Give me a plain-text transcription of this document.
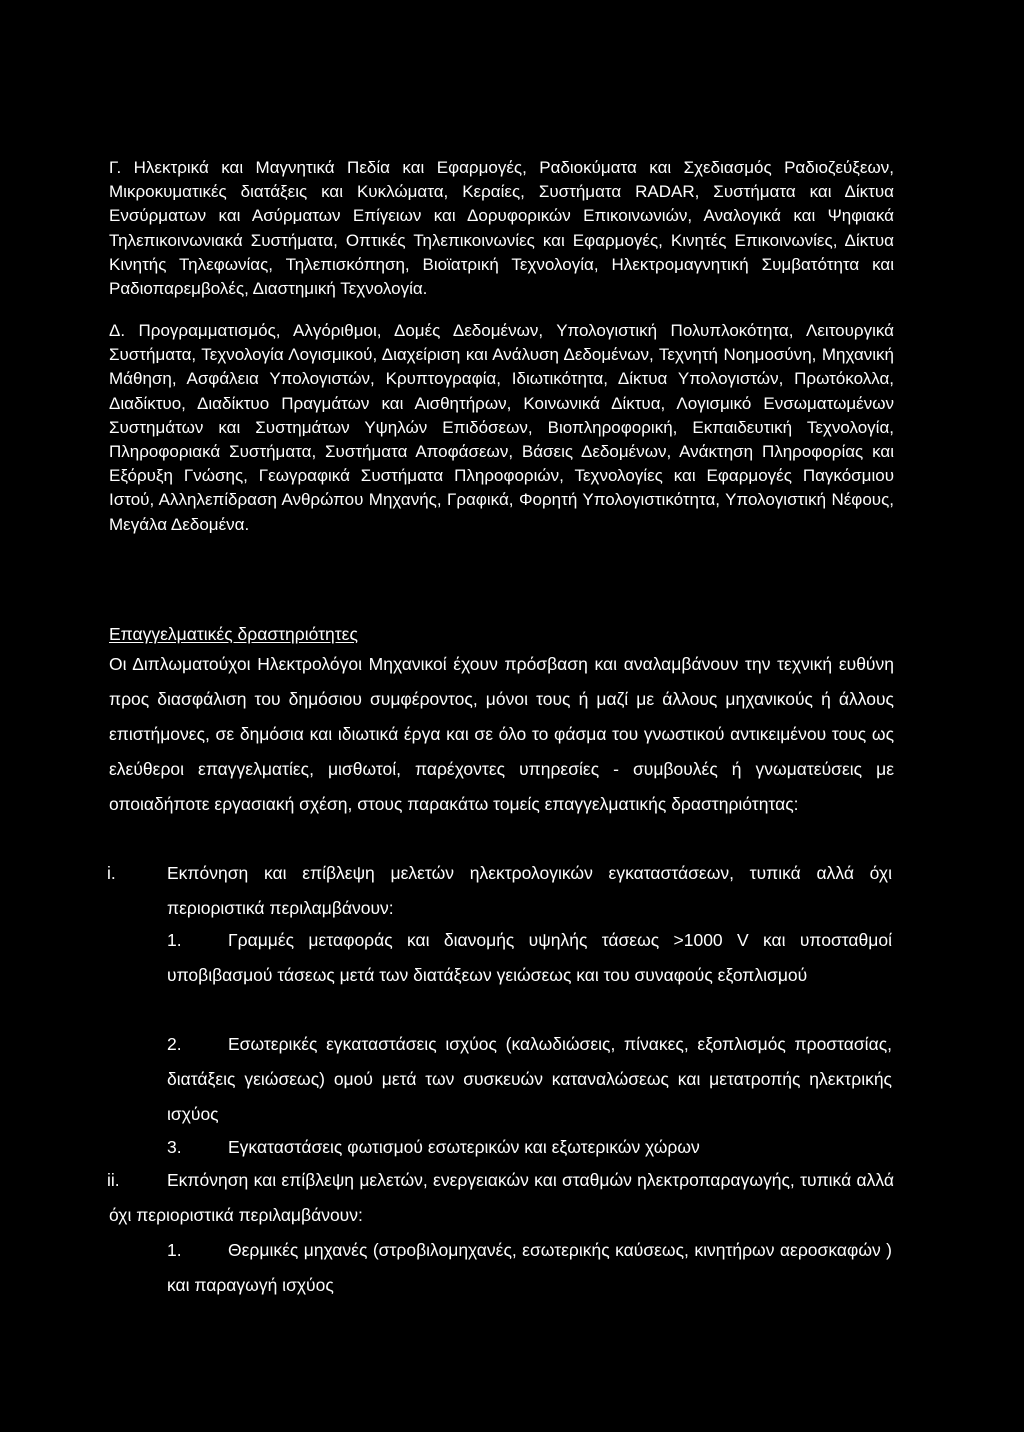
Γ. Ηλεκτρικά και Μαγνητικά Πεδία και Εφαρμογές, Ραδιοκύματα και Σχεδιασμός Ραδιοζεύξεων, Μικροκυματικές διατάξεις και Κυκλώματα, Κεραίες, Συστήματα RADAR, Συστήματα και Δίκτυα Ενσύρματων και Ασύρματων Επίγειων και Δορυφορικών Επικοινωνιών, Αναλογικά και Ψηφιακά Τηλεπικοινωνιακά Συστήματα, Οπτικές Τηλεπικοινωνίες και Εφαρμογές, Κινητές Επικοινωνίες, Δίκτυα Κινητής Τηλεφωνίας, Τηλεπισκόπηση, Βιοϊατρική Τεχνολογία, Ηλεκτρομαγνητική Συμβατότητα και Ραδιοπαρεμβολές, Διαστημική Τεχνολογία.

Δ. Προγραμματισμός, Αλγόριθμοι, Δομές Δεδομένων, Υπολογιστική Πολυπλοκότητα, Λειτουργικά Συστήματα, Τεχνολογία Λογισμικού, Διαχείριση και Ανάλυση Δεδομένων, Τεχνητή Νοημοσύνη, Μηχανική Μάθηση, Ασφάλεια Υπολογιστών, Κρυπτογραφία, Ιδιωτικότητα, Δίκτυα Υπολογιστών, Πρωτόκολλα, Διαδίκτυο, Διαδίκτυο Πραγμάτων και Αισθητήρων, Κοινωνικά Δίκτυα, Λογισμικό Ενσωματωμένων Συστημάτων και Συστημάτων Υψηλών Επιδόσεων, Βιοπληροφορική, Εκπαιδευτική Τεχνολογία, Πληροφοριακά Συστήματα, Συστήματα Αποφάσεων, Βάσεις Δεδομένων, Ανάκτηση Πληροφορίας και Εξόρυξη Γνώσης, Γεωγραφικά Συστήματα Πληροφοριών, Τεχνολογίες και Εφαρμογές Παγκόσμιου Ιστού, Αλληλεπίδραση Ανθρώπου Μηχανής, Γραφικά, Φορητή Υπολογιστικότητα, Υπολογιστική Νέφους, Μεγάλα Δεδομένα.

Επαγγελματικές δραστηριότητες

Οι Διπλωματούχοι Ηλεκτρολόγοι Μηχανικοί έχουν πρόσβαση και αναλαμβάνουν την τεχνική ευθύνη προς διασφάλιση του δημόσιου συμφέροντος, μόνοι τους ή μαζί με άλλους μηχανικούς ή άλλους επιστήμονες, σε δημόσια και ιδιωτικά έργα και σε όλο το φάσμα του γνωστικού αντικειμένου τους ως ελεύθεροι επαγγελματίες, μισθωτοί, παρέχοντες υπηρεσίες - συμβουλές ή γνωματεύσεις με οποιαδήποτε εργασιακή σχέση, στους παρακάτω τομείς επαγγελματικής δραστηριότητας:

i.	Εκπόνηση και επίβλεψη μελετών ηλεκτρολογικών εγκαταστάσεων, τυπικά αλλά όχι περιοριστικά περιλαμβάνουν:
1.	Γραμμές μεταφοράς και διανομής υψηλής τάσεως >1000 V και υποσταθμοί υποβιβασμού τάσεως μετά των διατάξεων γειώσεως και του συναφούς εξοπλισμού
2.	Εσωτερικές εγκαταστάσεις ισχύος (καλωδιώσεις, πίνακες, εξοπλισμός προστασίας, διατάξεις γειώσεως) ομού μετά των συσκευών καταναλώσεως και μετατροπής ηλεκτρικής ισχύος
3.	Εγκαταστάσεις φωτισμού εσωτερικών και εξωτερικών χώρων
ii.	Εκπόνηση και επίβλεψη μελετών, ενεργειακών και σταθμών ηλεκτροπαραγωγής, τυπικά αλλά όχι περιοριστικά περιλαμβάνουν:
1.	Θερμικές μηχανές (στροβιλομηχανές, εσωτερικής καύσεως, κινητήρων αεροσκαφών ) και παραγωγή ισχύος
